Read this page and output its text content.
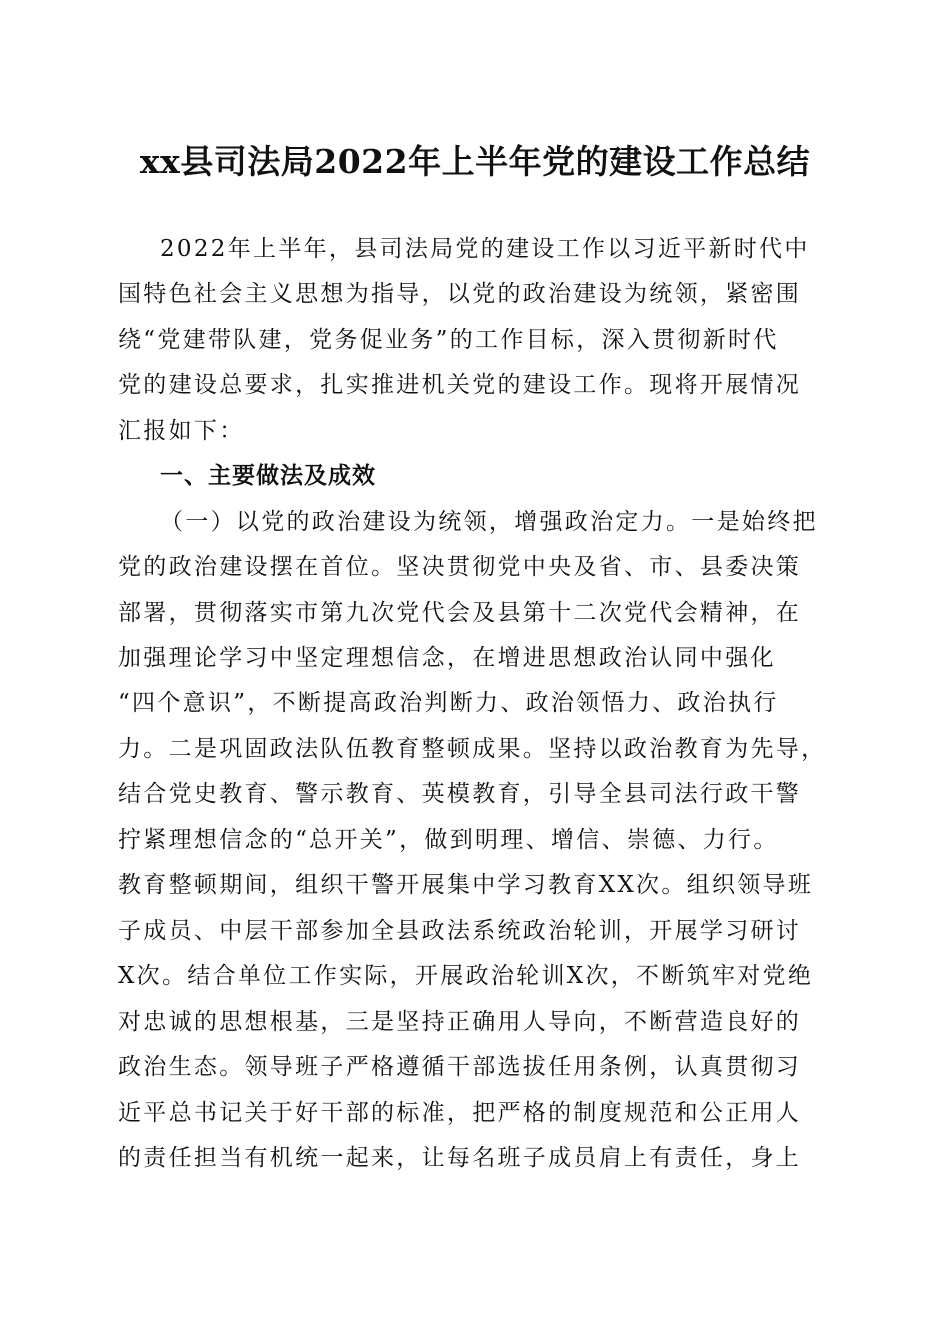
xx县司法局2022年上半年党的建设工作总结

2022年上半年，县司法局党的建设工作以习近平新时代中

国特色社会主义思想为指导，以党的政治建设为统领，紧密围

绕“党建带队建，党务促业务”的工作目标，深入贯彻新时代

党的建设总要求，扎实推进机关党的建设工作。现将开展情况

汇报如下：

一、主要做法及成效

（一）以党的政治建设为统领，增强政治定力。一是始终把

党的政治建设摆在首位。坚决贯彻党中央及省、市、县委决策

部署，贯彻落实市第九次党代会及县第十二次党代会精神，在

加强理论学习中坚定理想信念，在增进思想政治认同中强化

“四个意识”，不断提高政治判断力、政治领悟力、政治执行

力。二是巩固政法队伍教育整顿成果。坚持以政治教育为先导，

结合党史教育、警示教育、英模教育，引导全县司法行政干警

拧紧理想信念的“总开关”，做到明理、增信、崇德、力行。

教育整顿期间，组织干警开展集中学习教育XX次。组织领导班

子成员、中层干部参加全县政法系统政治轮训，开展学习研讨

X次。结合单位工作实际，开展政治轮训X次，不断筑牢对党绝

对忠诚的思想根基，三是坚持正确用人导向，不断营造良好的

政治生态。领导班子严格遵循干部选拔任用条例，认真贯彻习

近平总书记关于好干部的标准，把严格的制度规范和公正用人

的责任担当有机统一起来，让每名班子成员肩上有责任，身上
